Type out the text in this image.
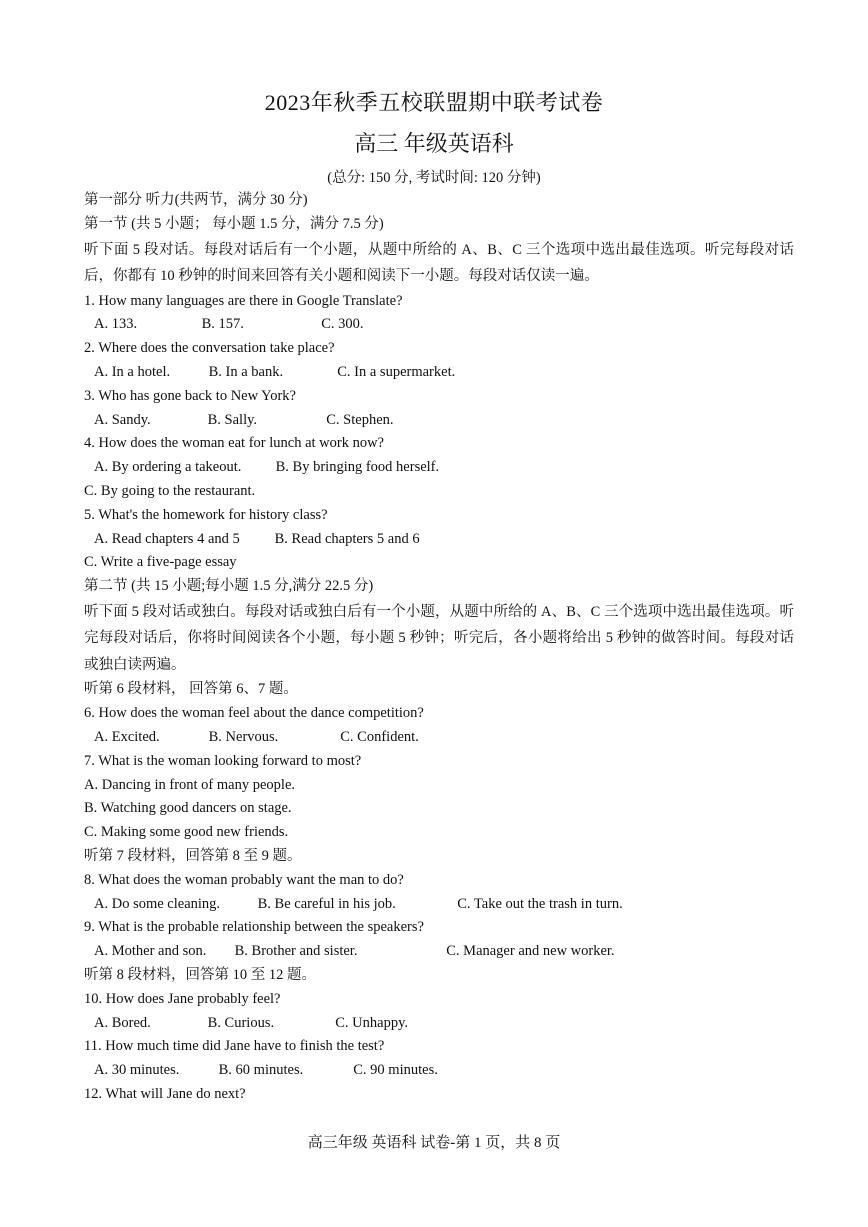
2023年秋季五校联盟期中联考试卷
高三 年级英语科
(总分: 150 分, 考试时间: 120 分钟)
第一部分 听力(共两节，满分 30 分)
第一节 (共 5 小题； 每小题 1.5 分，满分 7.5 分)
听下面 5 段对话。每段对话后有一个小题，从题中所给的 A、B、C 三个选项中选出最佳选项。听完每段对话后，你都有 10 秒钟的时间来回答有关小题和阅读下一小题。每段对话仅读一遍。
1. How many languages are there in Google Translate?
A. 133.	B. 157.	C. 300.
2. Where does the conversation take place?
A. In a hotel.	B. In a bank.	C. In a supermarket.
3. Who has gone back to New York?
A. Sandy.	B. Sally.	C. Stephen.
4. How does the woman eat for lunch at work now?
A. By ordering a takeout. B. By bringing food herself.
C. By going to the restaurant.
5. What's the homework for history class?
A. Read chapters 4 and 5 B. Read chapters 5 and 6
C. Write a five-page essay
第二节 (共 15 小题;每小题 1.5 分,满分 22.5 分)
听下面 5 段对话或独白。每段对话或独白后有一个小题，从题中所给的 A、B、C 三个选项中选出最佳选项。听完每段对话后，你将时间阅读各个小题，每小题 5 秒钟；听完后，各小题将给出 5 秒钟的做答时间。每段对话或独白读两遍。
听第 6 段材料， 回答第 6、7 题。
6. How does the woman feel about the dance competition?
A. Excited.	B. Nervous.	C. Confident.
7. What is the woman looking forward to most?
A. Dancing in front of many people.
B. Watching good dancers on stage.
C. Making some good new friends.
听第 7 段材料，回答第 8 至 9 题。
8. What does the woman probably want the man to do?
A. Do some cleaning.	B. Be careful in his job.	C. Take out the trash in turn.
9. What is the probable relationship between the speakers?
A. Mother and son. B. Brother and sister.	C. Manager and new worker.
听第 8 段材料，回答第 10 至 12 题。
10. How does Jane probably feel?
A. Bored.	B. Curious.	C. Unhappy.
11. How much time did Jane have to finish the test?
A. 30 minutes.	B. 60 minutes.	C. 90 minutes.
12. What will Jane do next?
高三年级 英语科 试卷-第 1 页，共 8 页
